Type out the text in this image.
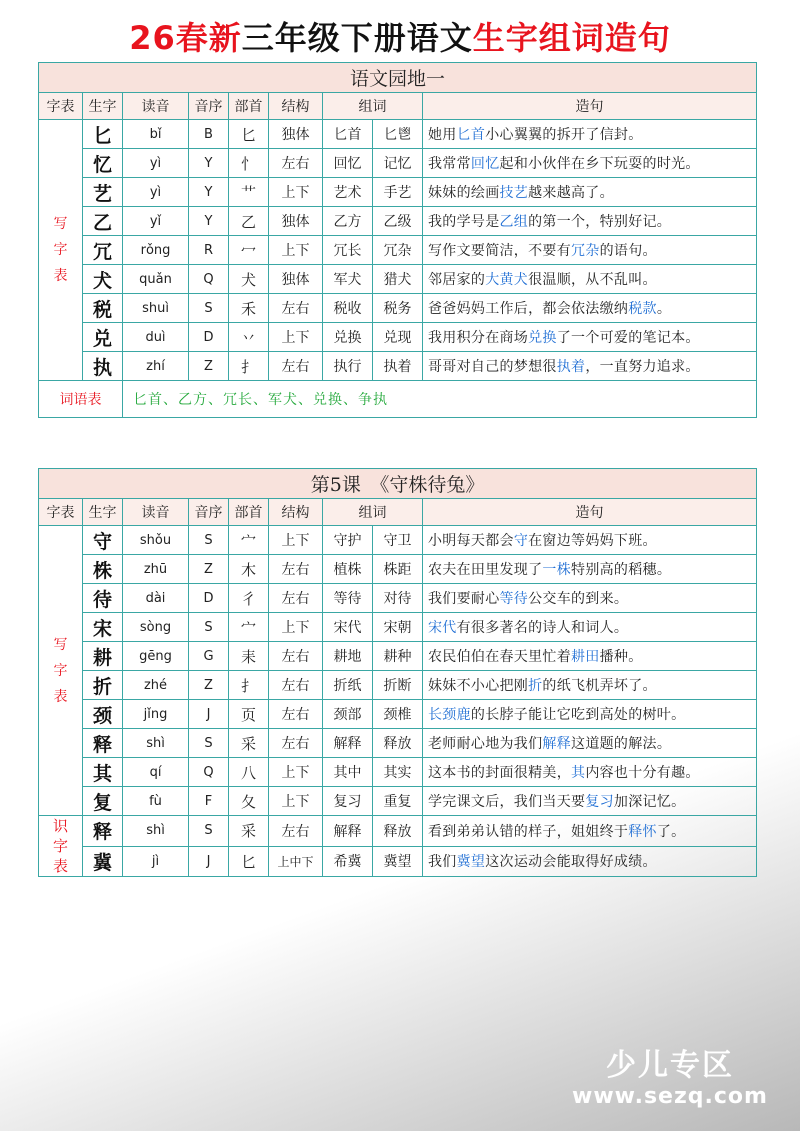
26春新三年级下册语文生字组词造句
语文园地一								
字表	生字	读音	音序	部首	结构	组词		造句

写
字
表	匕	bǐ	B	匕	独体	匕首	匕鬯	她用匕首小心翼翼的拆开了信封。
	忆	yì	Y	忄	左右	回忆	记忆	我常常回忆起和小伙伴在乡下玩耍的时光。
	艺	yì	Y	艹	上下	艺术	手艺	妹妹的绘画技艺越来越高了。
	乙	yǐ	Y	乙	独体	乙方	乙级	我的学号是乙组的第一个，特别好记。
	冗	rǒng	R	冖	上下	冗长	冗杂	写作文要简洁，不要有冗杂的语句。
	犬	quǎn	Q	犬	独体	军犬	猎犬	邻居家的大黄犬很温顺，从不乱叫。
	税	shuì	S	禾	左右	税收	税务	爸爸妈妈工作后，都会依法缴纳税款。
	兑	duì	D	丷	上下	兑换	兑现	我用积分在商场兑换了一个可爱的笔记本。
	执	zhí	Z	扌	左右	执行	执着	哥哥对自己的梦想很执着，一直努力追求。
词语表		匕首、乙方、冗长、军犬、兑换、争执						
第5课　《守株待兔》								
字表	生字	读音	音序	部首	结构	组词		造句

写
字
表	守	shǒu	S	宀	上下	守护	守卫	小明每天都会守在窗边等妈妈下班。
	株	zhū	Z	木	左右	植株	株距	农夫在田里发现了一株特别高的稻穗。
	待	dài	D	彳	左右	等待	对待	我们要耐心等待公交车的到来。
	宋	sòng	S	宀	上下	宋代	宋朝	宋代有很多著名的诗人和词人。
	耕	gēng	G	耒	左右	耕地	耕种	农民伯伯在春天里忙着耕田播种。
	折	zhé	Z	扌	左右	折纸	折断	妹妹不小心把刚折的纸飞机弄坏了。
	颈	jǐng	J	页	左右	颈部	颈椎	长颈鹿的长脖子能让它吃到高处的树叶。
	释	shì	S	采	左右	解释	释放	老师耐心地为我们解释这道题的解法。
	其	qí	Q	八	上下	其中	其实	这本书的封面很精美，其内容也十分有趣。
	复	fù	F	夂	上下	复习	重复	学完课文后，我们当天要复习加深记忆。

识
字
表	释	shì	S	采	左右	解释	释放	看到弟弟认错的样子，姐姐终于释怀了。
	冀	jì	J	匕	上中下	希冀	冀望	我们冀望这次运动会能取得好成绩。
少儿专区
www.sezq.com
